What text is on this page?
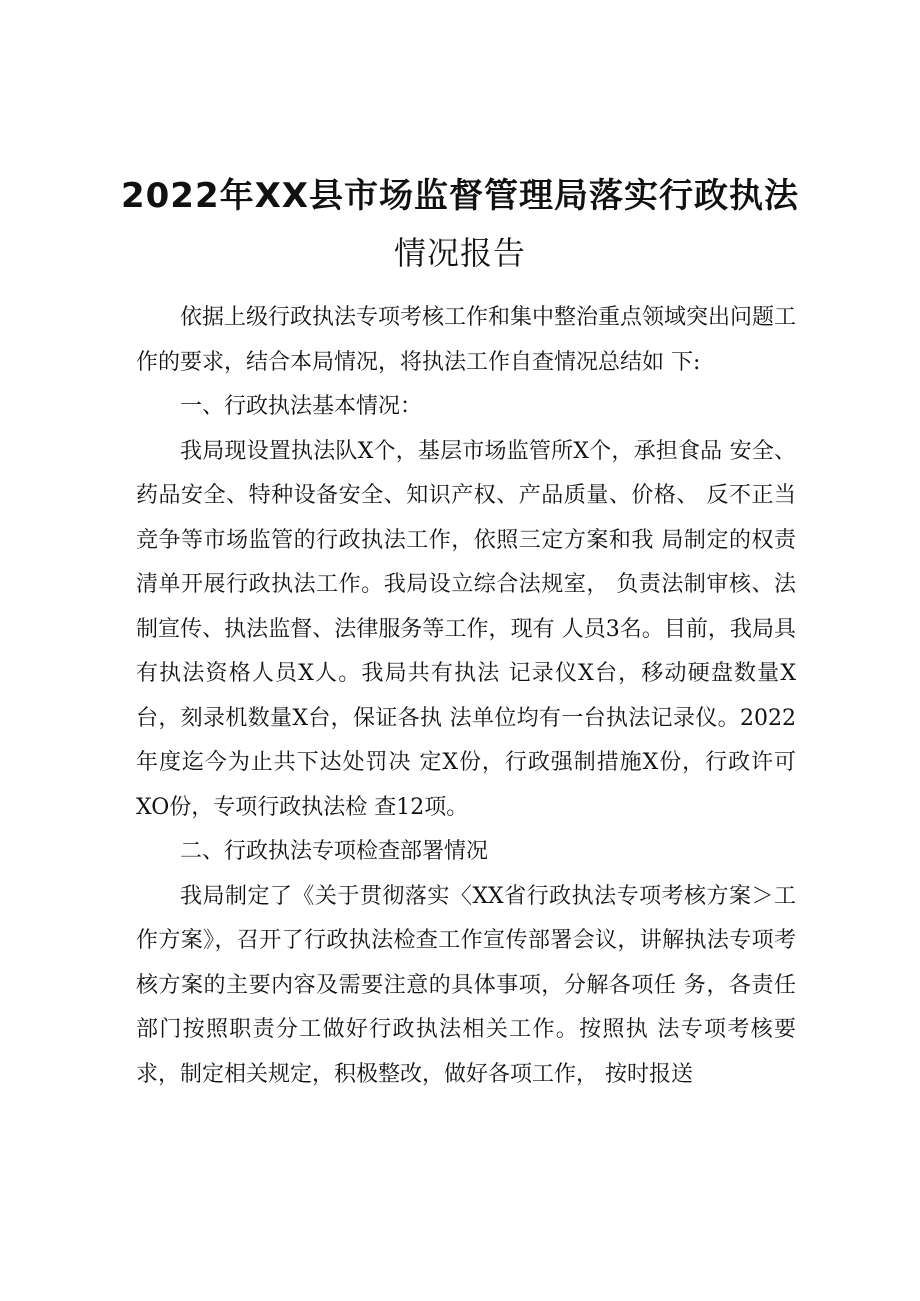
2022年XX县市场监督管理局落实行政执法
情况报告

依据上级行政执法专项考核工作和集中整治重点领域突出问题工作的要求，结合本局情况，将执法工作自查情况总结如 下:

一、行政执法基本情况：

我局现设置执法队X个，基层市场监管所X个，承担食品 安全、药品安全、特种设备安全、知识产权、产品质量、价格、 反不正当竞争等市场监管的行政执法工作，依照三定方案和我 局制定的权责清单开展行政执法工作。我局设立综合法规室， 负责法制审核、法制宣传、执法监督、法律服务等工作，现有 人员3名。目前，我局具有执法资格人员X人。我局共有执法 记录仪X台，移动硬盘数量X台，刻录机数量X台，保证各执 法单位均有一台执法记录仪。2022年度迄今为止共下达处罚决 定X份，行政强制措施X份，行政许可XO份，专项行政执法检 查12项。

二、行政执法专项检查部署情况

我局制定了《关于贯彻落实〈XX省行政执法专项考核方案＞工作方案》，召开了行政执法检查工作宣传部署会议，讲解执法专项考核方案的主要内容及需要注意的具体事项，分解各项任 务，各责任部门按照职责分工做好行政执法相关工作。按照执 法专项考核要求，制定相关规定，积极整改，做好各项工作， 按时报送
